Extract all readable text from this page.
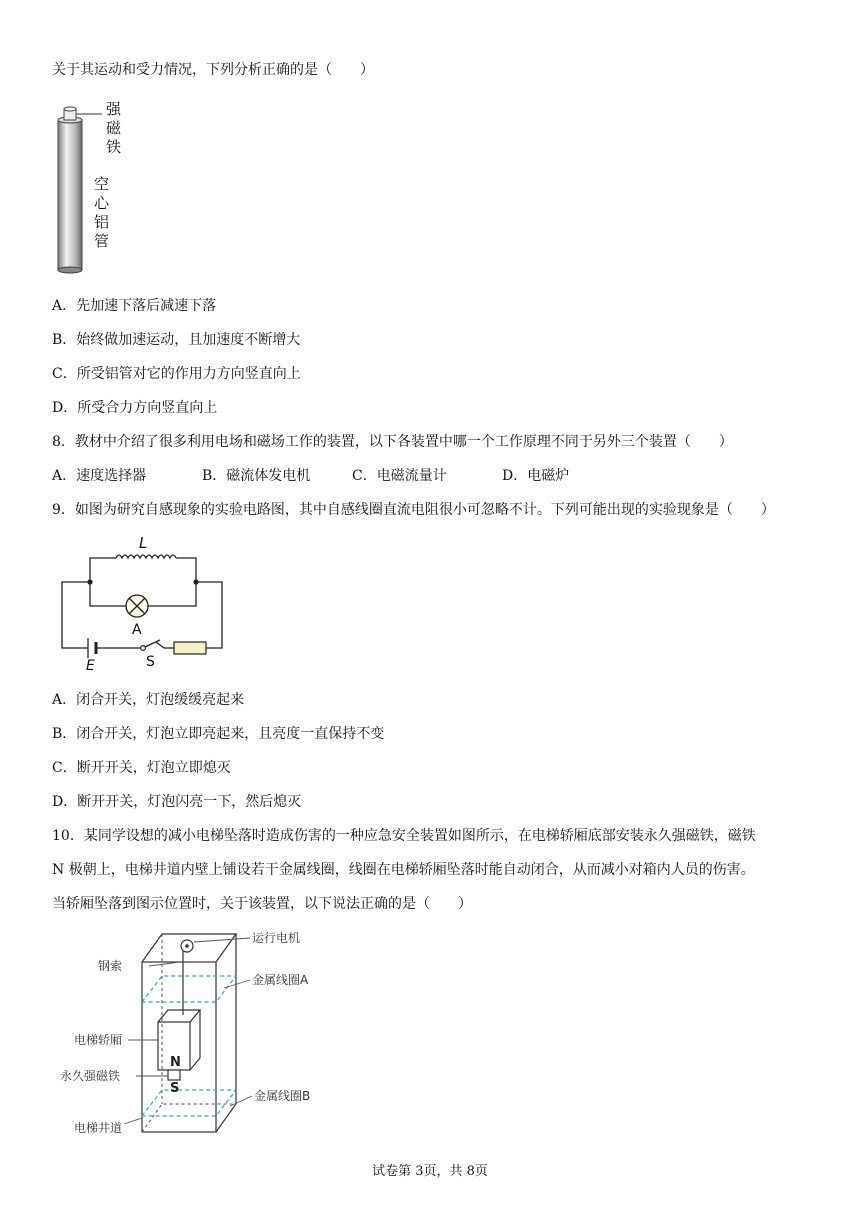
关于其运动和受力情况，下列分析正确的是（　　）
强 磁 铁
空 心 铝 管
A．先加速下落后减速下落
B．始终做加速运动，且加速度不断增大
C．所受铝管对它的作用力方向竖直向上
D．所受合力方向竖直向上
8．教材中介绍了很多利用电场和磁场工作的装置，以下各装置中哪一个工作原理不同于另外三个装置（　　）
A．速度选择器	B．磁流体发电机	C．电磁流量计	D．电磁炉
9．如图为研究自感现象的实验电路图，其中自感线圈直流电阻很小可忽略不计。下列可能出现的实验现象是（　　）
L
A
E	S
A．闭合开关，灯泡缓缓亮起来
B．闭合开关，灯泡立即亮起来，且亮度一直保持不变
C．断开开关，灯泡立即熄灭
D．断开开关，灯泡闪亮一下，然后熄灭
10．某同学设想的减小电梯坠落时造成伤害的一种应急安全装置如图所示，在电梯轿厢底部安装永久强磁铁，磁铁
N 极朝上，电梯井道内壁上铺设若干金属线圈，线圈在电梯轿厢坠落时能自动闭合，从而减小对箱内人员的伤害。
当轿厢坠落到图示位置时，关于该装置，以下说法正确的是（　　）
运行电机
钢索
金属线圈A
电梯轿厢
永久强磁铁
金属线圈B
电梯井道
N
S
试卷第 3页，共 8页
